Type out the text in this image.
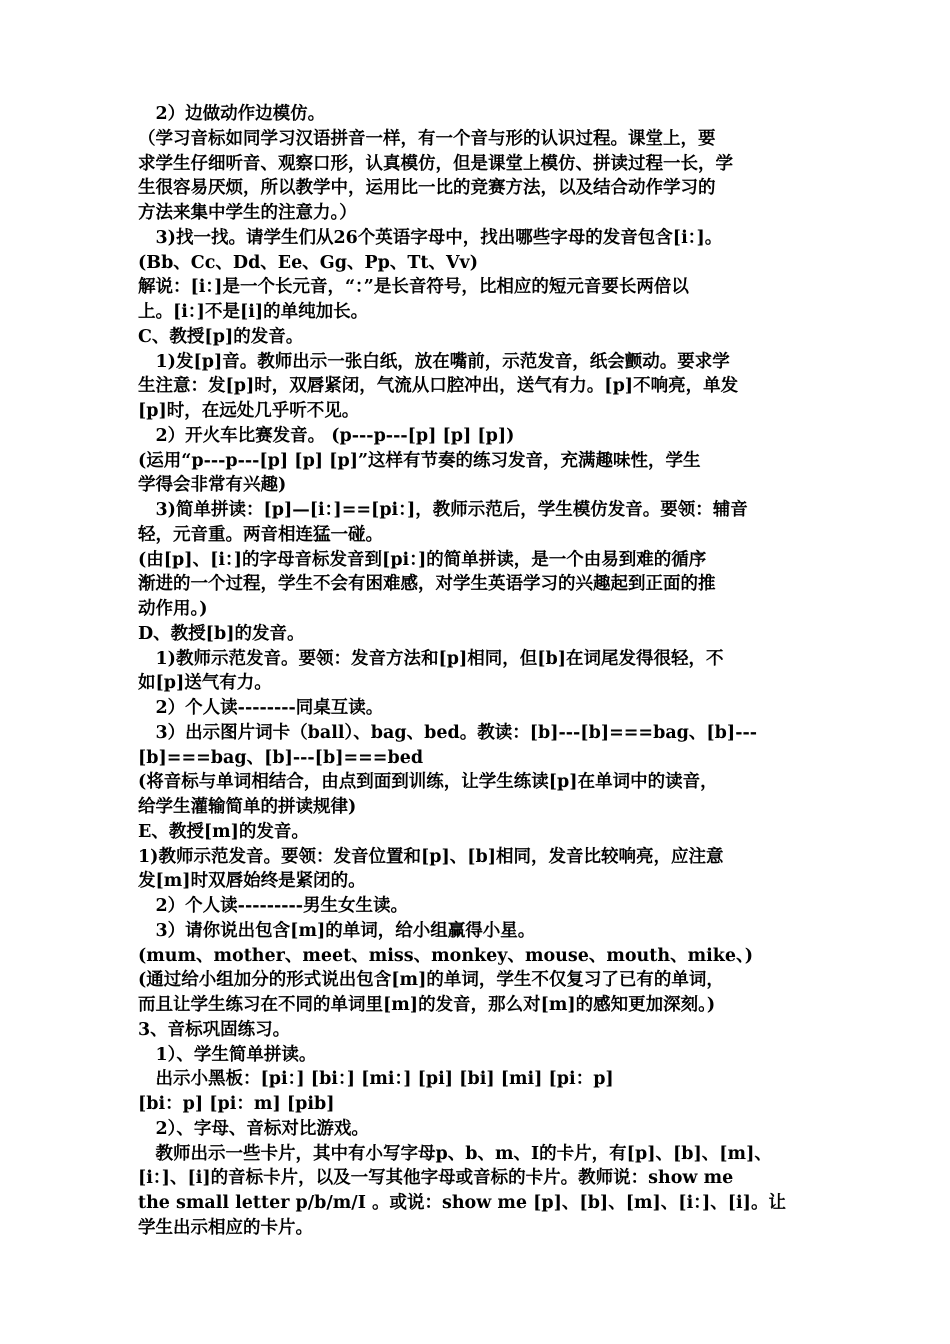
　2）边做动作边模仿。
（学习音标如同学习汉语拼音一样，有一个音与形的认识过程。课堂上，要
求学生仔细听音、观察口形，认真模仿，但是课堂上模仿、拼读过程一长，学
生很容易厌烦，所以教学中，运用比一比的竞赛方法，以及结合动作学习的
方法来集中学生的注意力。）
　3)找一找。请学生们从26个英语字母中，找出哪些字母的发音包含[i：]。
(Bb、Cc、Dd、Ee、Gg、Pp、Tt、Vv)
解说：[i：]是一个长元音，“：”是长音符号，比相应的短元音要长两倍以
上。[i：]不是[i]的单纯加长。
C、教授[p]的发音。
　1)发[p]音。教师出示一张白纸，放在嘴前，示范发音，纸会颤动。要求学
生注意：发[p]时，双唇紧闭，气流从口腔冲出，送气有力。[p]不响亮，单发
[p]时，在远处几乎听不见。
　2）开火车比赛发音。 (p---p---[p] [p] [p])
(运用“p---p---[p] [p] [p]”这样有节奏的练习发音，充满趣味性，学生
学得会非常有兴趣)
　3)简单拼读：[p]—[i：]==[pi：]，教师示范后，学生模仿发音。要领：辅音
轻，元音重。两音相连猛一碰。
(由[p]、[i：]的字母音标发音到[pi：]的简单拼读，是一个由易到难的循序
渐进的一个过程，学生不会有困难感，对学生英语学习的兴趣起到正面的推
动作用。)
D、教授[b]的发音。
　1)教师示范发音。要领：发音方法和[p]相同，但[b]在词尾发得很轻，不
如[p]送气有力。
　2）个人读--------同桌互读。
　3）出示图片词卡（ball）、bag、bed。教读：[b]---[b]===bag、[b]---
[b]===bag、[b]---[b]===bed
(将音标与单词相结合，由点到面到训练，让学生练读[p]在单词中的读音，
给学生灌输简单的拼读规律)
E、教授[m]的发音。
1)教师示范发音。要领：发音位置和[p]、[b]相同，发音比较响亮，应注意
发[m]时双唇始终是紧闭的。
　2）个人读---------男生女生读。
　3）请你说出包含[m]的单词，给小组赢得小星。
(mum、mother、meet、miss、monkey、mouse、mouth、mike、)
(通过给小组加分的形式说出包含[m]的单词，学生不仅复习了已有的单词，
而且让学生练习在不同的单词里[m]的发音，那么对[m]的感知更加深刻。)
3、音标巩固练习。
　1）、学生简单拼读。
　出示小黑板：[pi：] [bi：] [mi：] [pi] [bi] [mi] [pi：p]
[bi：p] [pi：m] [pib]
　2）、字母、音标对比游戏。
　教师出示一些卡片，其中有小写字母p、b、m、I的卡片，有[p]、[b]、[m]、
[i：]、[i]的音标卡片，以及一写其他字母或音标的卡片。教师说：show me
the small letter p/b/m/I 。或说：show me [p]、[b]、[m]、[i：]、[i]。让
学生出示相应的卡片。
